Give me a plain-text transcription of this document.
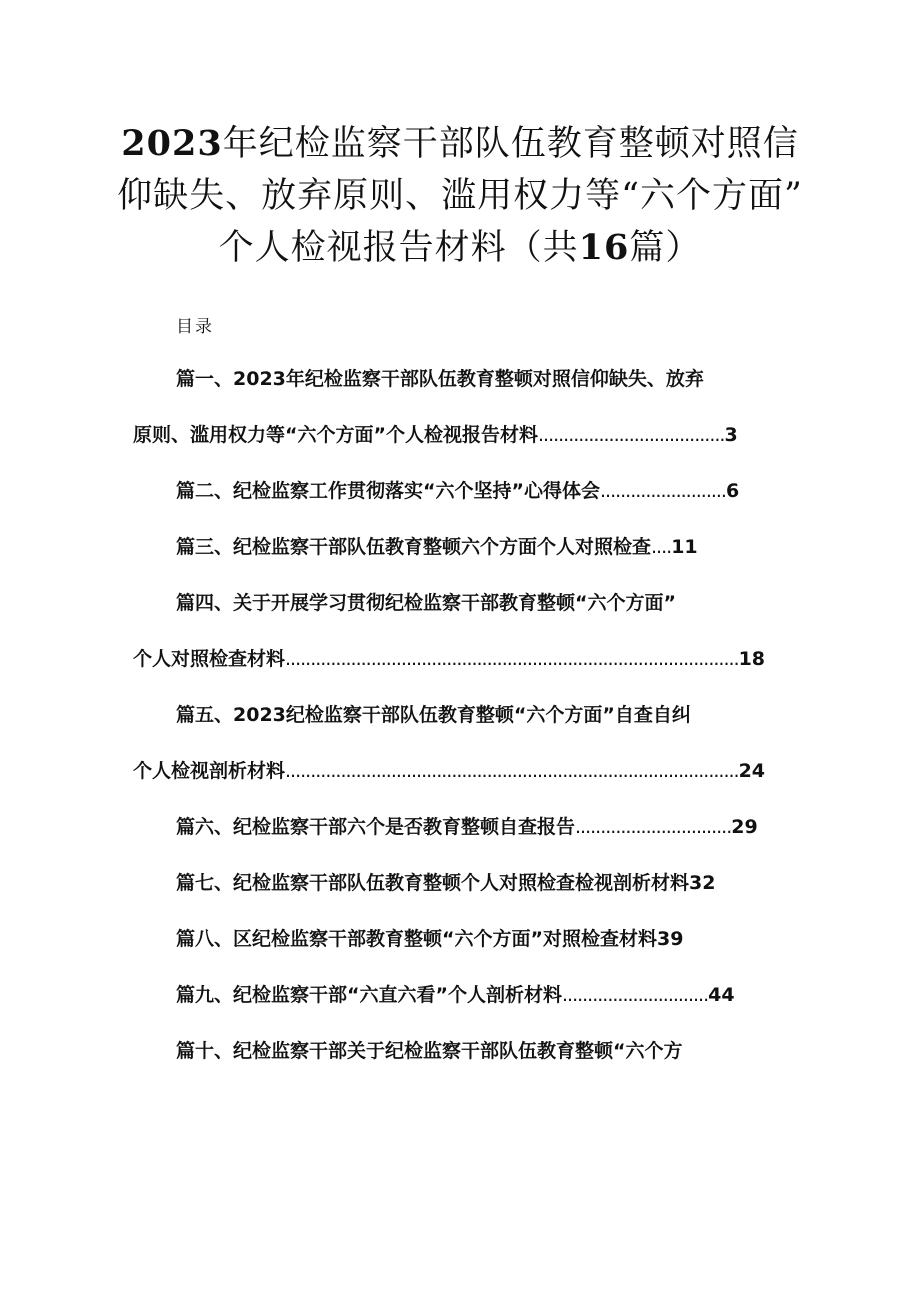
2023年纪检监察干部队伍教育整顿对照信
仰缺失、放弃原则、滥用权力等“六个方面”
个人检视报告材料（共16篇）
目录
篇一、2023年纪检监察干部队伍教育整顿对照信仰缺失、放弃
原则、滥用权力等“六个方面”个人检视报告材料.....................................3
篇二、纪检监察工作贯彻落实“六个坚持”心得体会.........................6
篇三、纪检监察干部队伍教育整顿六个方面个人对照检查....11
篇四、关于开展学习贯彻纪检监察干部教育整顿“六个方面”
个人对照检查材料..........................................................................................18
篇五、2023纪检监察干部队伍教育整顿“六个方面”自查自纠
个人检视剖析材料..........................................................................................24
篇六、纪检监察干部六个是否教育整顿自查报告...............................29
篇七、纪检监察干部队伍教育整顿个人对照检查检视剖析材料32
篇八、区纪检监察干部教育整顿“六个方面”对照检查材料39
篇九、纪检监察干部“六直六看”个人剖析材料.............................44
篇十、纪检监察干部关于纪检监察干部队伍教育整顿“六个方
